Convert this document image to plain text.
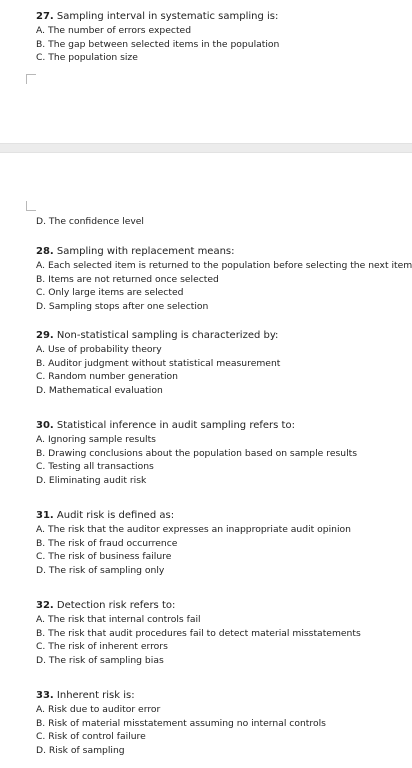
27. Sampling interval in systematic sampling is:
A. The number of errors expected
B. The gap between selected items in the population
C. The population size
D. The confidence level
28. Sampling with replacement means:
A. Each selected item is returned to the population before selecting the next item
B. Items are not returned once selected
C. Only large items are selected
D. Sampling stops after one selection
29. Non-statistical sampling is characterized by:
A. Use of probability theory
B. Auditor judgment without statistical measurement
C. Random number generation
D. Mathematical evaluation
30. Statistical inference in audit sampling refers to:
A. Ignoring sample results
B. Drawing conclusions about the population based on sample results
C. Testing all transactions
D. Eliminating audit risk
31. Audit risk is defined as:
A. The risk that the auditor expresses an inappropriate audit opinion
B. The risk of fraud occurrence
C. The risk of business failure
D. The risk of sampling only
32. Detection risk refers to:
A. The risk that internal controls fail
B. The risk that audit procedures fail to detect material misstatements
C. The risk of inherent errors
D. The risk of sampling bias
33. Inherent risk is:
A. Risk due to auditor error
B. Risk of material misstatement assuming no internal controls
C. Risk of control failure
D. Risk of sampling
